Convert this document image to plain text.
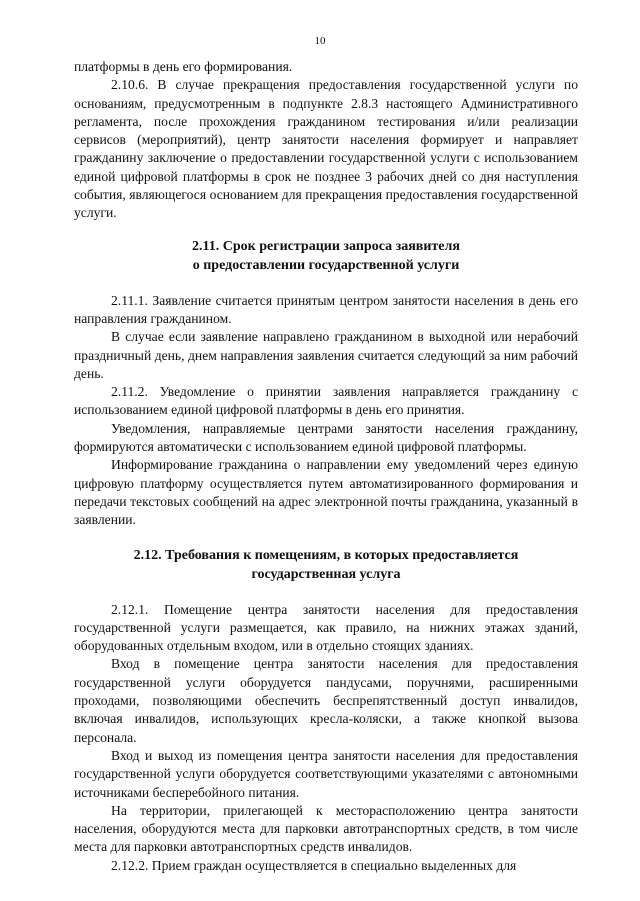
10

платформы в день его формирования.

2.10.6. В случае прекращения предоставления государственной услуги по основаниям, предусмотренным в подпункте 2.8.3 настоящего Административного регламента, после прохождения гражданином тестирования и/или реализации сервисов (мероприятий), центр занятости населения формирует и направляет гражданину заключение о предоставлении государственной услуги с использованием единой цифровой платформы в срок не позднее 3 рабочих дней со дня наступления события, являющегося основанием для прекращения предоставления государственной услуги.

2.11. Срок регистрации запроса заявителя
о предоставлении государственной услуги

2.11.1. Заявление считается принятым центром занятости населения в день его направления гражданином.

В случае если заявление направлено гражданином в выходной или нерабочий праздничный день, днем направления заявления считается следующий за ним рабочий день.

2.11.2. Уведомление о принятии заявления направляется гражданину с использованием единой цифровой платформы в день его принятия.

Уведомления, направляемые центрами занятости населения гражданину, формируются автоматически с использованием единой цифровой платформы.

Информирование гражданина о направлении ему уведомлений через единую цифровую платформу осуществляется путем автоматизированного формирования и передачи текстовых сообщений на адрес электронной почты гражданина, указанный в заявлении.

2.12. Требования к помещениям, в которых предоставляется
государственная услуга

2.12.1. Помещение центра занятости населения для предоставления государственной услуги размещается, как правило, на нижних этажах зданий, оборудованных отдельным входом, или в отдельно стоящих зданиях.

Вход в помещение центра занятости населения для предоставления государственной услуги оборудуется пандусами, поручнями, расширенными проходами, позволяющими обеспечить беспрепятственный доступ инвалидов, включая инвалидов, использующих кресла-коляски, а также кнопкой вызова персонала.

Вход и выход из помещения центра занятости населения для предоставления государственной услуги оборудуется соответствующими указателями с автономными источниками бесперебойного питания.

На территории, прилегающей к месторасположению центра занятости населения, оборудуются места для парковки автотранспортных средств, в том числе места для парковки автотранспортных средств инвалидов.

2.12.2. Прием граждан осуществляется в специально выделенных для
